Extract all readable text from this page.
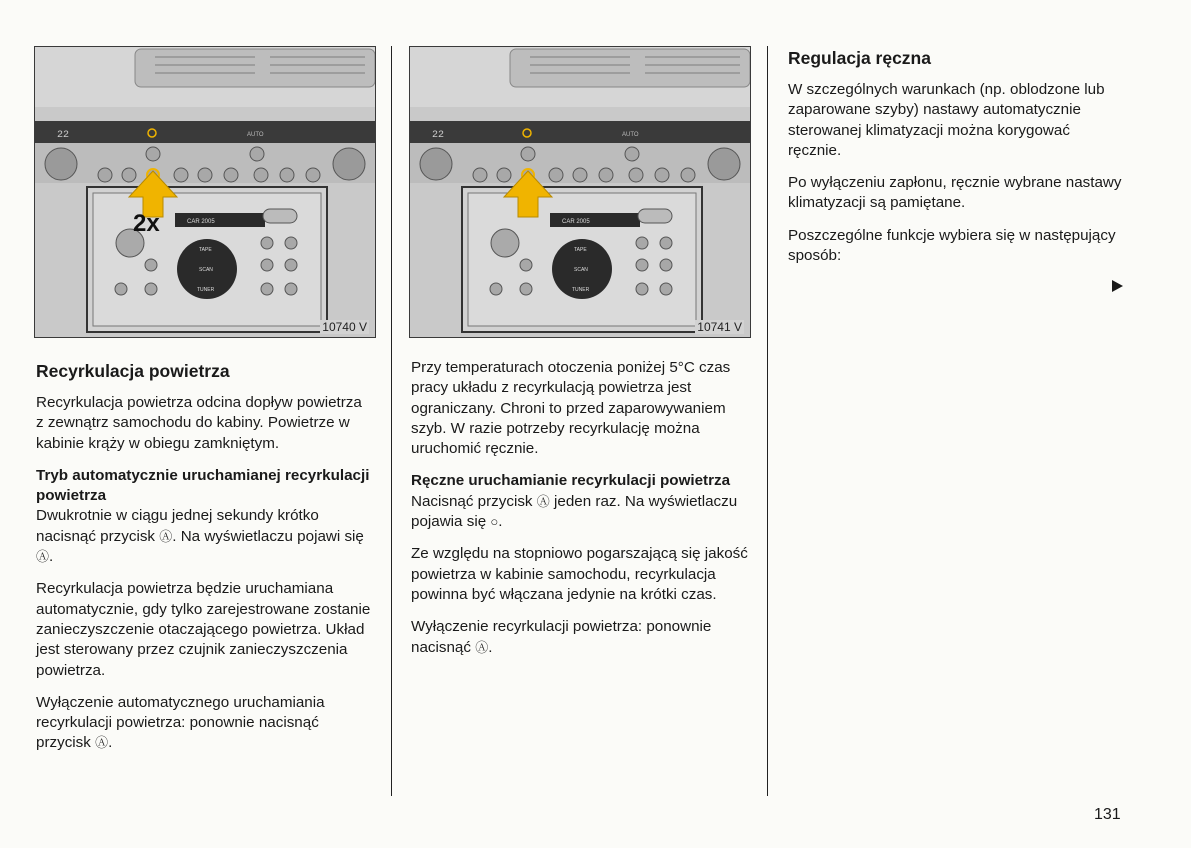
22	AUTO
CAR 2005
TAPE
SCAN
TUNER
2x
10740 V
22	AUTO
CAR 2005
TAPE
SCAN
TUNER
10741 V
Recyrkulacja powietrza

Recyrkulacja powietrza odcina dopływ powietrza z zewnątrz samochodu do kabiny. Powietrze w kabinie krąży w obiegu zamkniętym.

Tryb automatycznie uruchamianej recyrkulacji powietrza

Dwukrotnie w ciągu jednej sekundy krótko nacisnąć przycisk Ⓐ. Na wyświetlaczu pojawi się Ⓐ.

Recyrkulacja powietrza będzie uruchamiana automatycznie, gdy tylko zarejestrowane zostanie zanieczyszczenie otaczającego powietrza. Układ jest sterowany przez czujnik zanieczyszczenia powietrza.

Wyłączenie automatycznego uruchamiania recyrkulacji powietrza: ponownie nacisnąć przycisk Ⓐ.

Przy temperaturach otoczenia poniżej 5°C czas pracy układu z recyrkulacją powietrza jest ograniczany. Chroni to przed zaparowywaniem szyb. W razie potrzeby recyrkulację można uruchomić ręcznie.

Ręczne uruchamianie recyrkulacji powietrza

Nacisnąć przycisk Ⓐ jeden raz. Na wyświetlaczu pojawia się ○.

Ze względu na stopniowo pogarszającą się jakość powietrza w kabinie samochodu, recyrkulacja powinna być włączana jedynie na krótki czas.

Wyłączenie recyrkulacji powietrza: ponownie nacisnąć Ⓐ.

Regulacja ręczna

W szczególnych warunkach (np. oblodzone lub zaparowane szyby) nastawy automatycznie sterowanej klimatyzacji można korygować ręcznie.

Po wyłączeniu zapłonu, ręcznie wybrane nastawy klimatyzacji są pamiętane.

Poszczególne funkcje wybiera się w następujący sposób:

131
